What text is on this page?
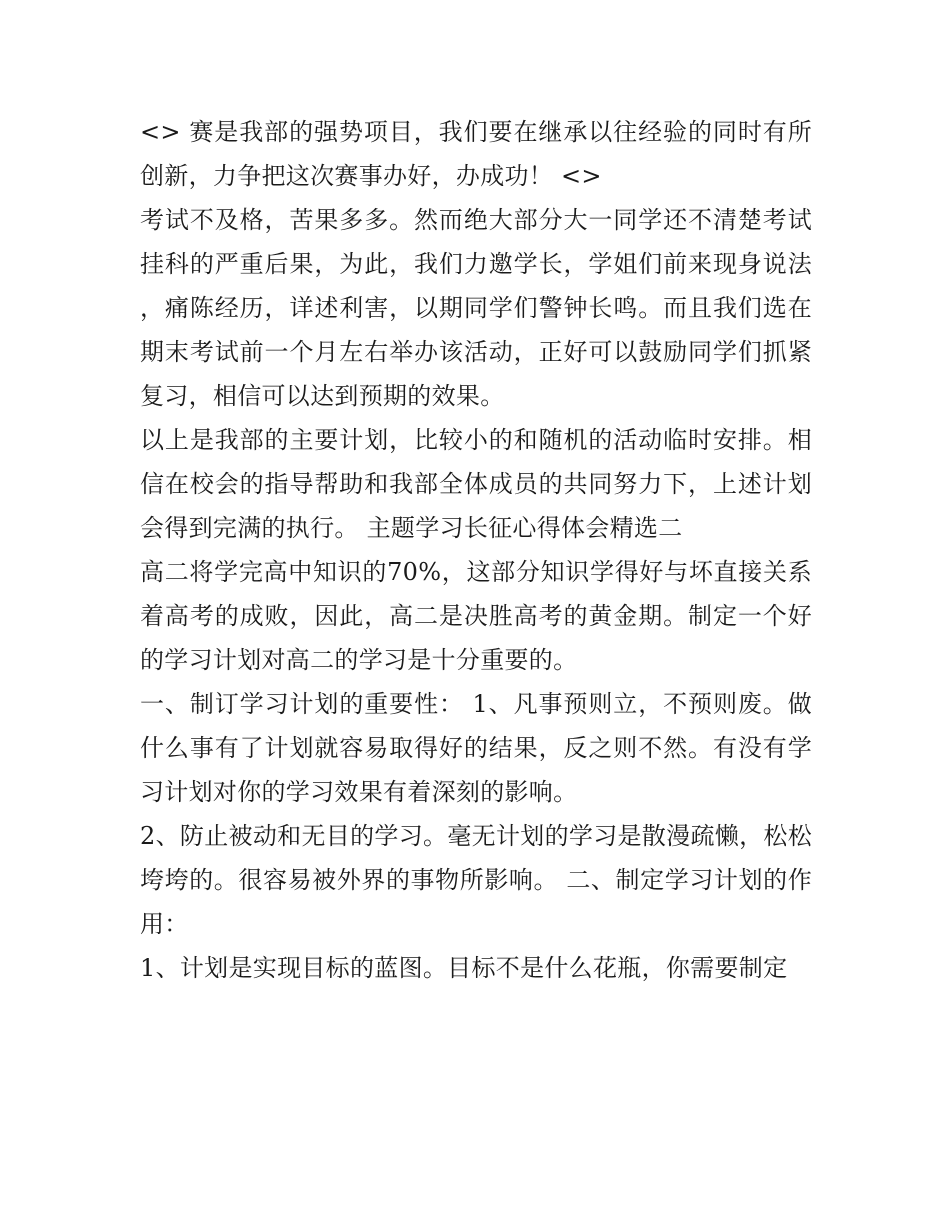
<> 赛是我部的强势项目，我们要在继承以往经验的同时有所创新，力争把这次赛事办好，办成功！ <>

考试不及格，苦果多多。然而绝大部分大一同学还不清楚考试挂科的严重后果，为此，我们力邀学长，学姐们前来现身说法，痛陈经历，详述利害，以期同学们警钟长鸣。而且我们选在期末考试前一个月左右举办该活动，正好可以鼓励同学们抓紧复习，相信可以达到预期的效果。

以上是我部的主要计划，比较小的和随机的活动临时安排。相信在校会的指导帮助和我部全体成员的共同努力下，上述计划会得到完满的执行。 主题学习长征心得体会精选二

高二将学完高中知识的70%，这部分知识学得好与坏直接关系着高考的成败，因此，高二是决胜高考的黄金期。制定一个好的学习计划对高二的学习是十分重要的。

一、制订学习计划的重要性： 1、凡事预则立，不预则废。做什么事有了计划就容易取得好的结果，反之则不然。有没有学习计划对你的学习效果有着深刻的影响。

2、防止被动和无目的学习。毫无计划的学习是散漫疏懒，松松垮垮的。很容易被外界的事物所影响。 二、制定学习计划的作用：

1、计划是实现目标的蓝图。目标不是什么花瓶，你需要制定
